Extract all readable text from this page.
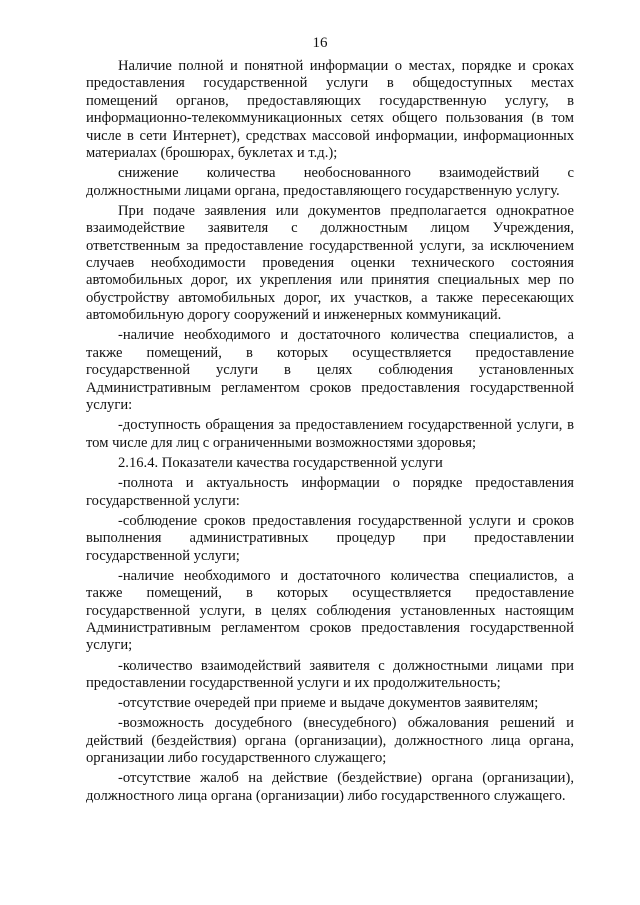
16

Наличие полной и понятной информации о местах, порядке и сроках предоставления государственной услуги в общедоступных местах помещений органов, предоставляющих государственную услугу, в информационно-телекоммуникационных сетях общего пользования (в том числе в сети Интернет), средствах массовой информации, информационных материалах (брошюрах, буклетах и т.д.);

снижение количества необоснованного взаимодействий с должностными лицами органа, предоставляющего государственную услугу.

При подаче заявления или документов предполагается однократное взаимодействие заявителя с должностным лицом Учреждения, ответственным за предоставление государственной услуги, за исключением случаев необходимости проведения оценки технического состояния автомобильных дорог, их укрепления или принятия специальных мер по обустройству автомобильных дорог, их участков, а также пересекающих автомобильную дорогу сооружений и инженерных коммуникаций.

-наличие необходимого и достаточного количества специалистов, а также помещений, в которых осуществляется предоставление государственной услуги в целях соблюдения установленных Административным регламентом сроков предоставления государственной услуги:

-доступность обращения за предоставлением государственной услуги, в том числе для лиц с ограниченными возможностями здоровья;

2.16.4. Показатели качества государственной услуги

-полнота и актуальность информации о порядке предоставления государственной услуги:

-соблюдение сроков предоставления государственной услуги и сроков выполнения административных процедур при предоставлении государственной услуги;

-наличие необходимого и достаточного количества специалистов, а также помещений, в которых осуществляется предоставление государственной услуги, в целях соблюдения установленных настоящим Административным регламентом сроков предоставления государственной услуги;

-количество взаимодействий заявителя с должностными лицами при предоставлении государственной услуги и их продолжительность;

-отсутствие очередей при приеме и выдаче документов заявителям;

-возможность досудебного (внесудебного) обжалования решений и действий (бездействия) органа (организации), должностного лица органа, организации либо государственного служащего;

-отсутствие жалоб на действие (бездействие) органа (организации), должностного лица органа (организации) либо государственного служащего.
